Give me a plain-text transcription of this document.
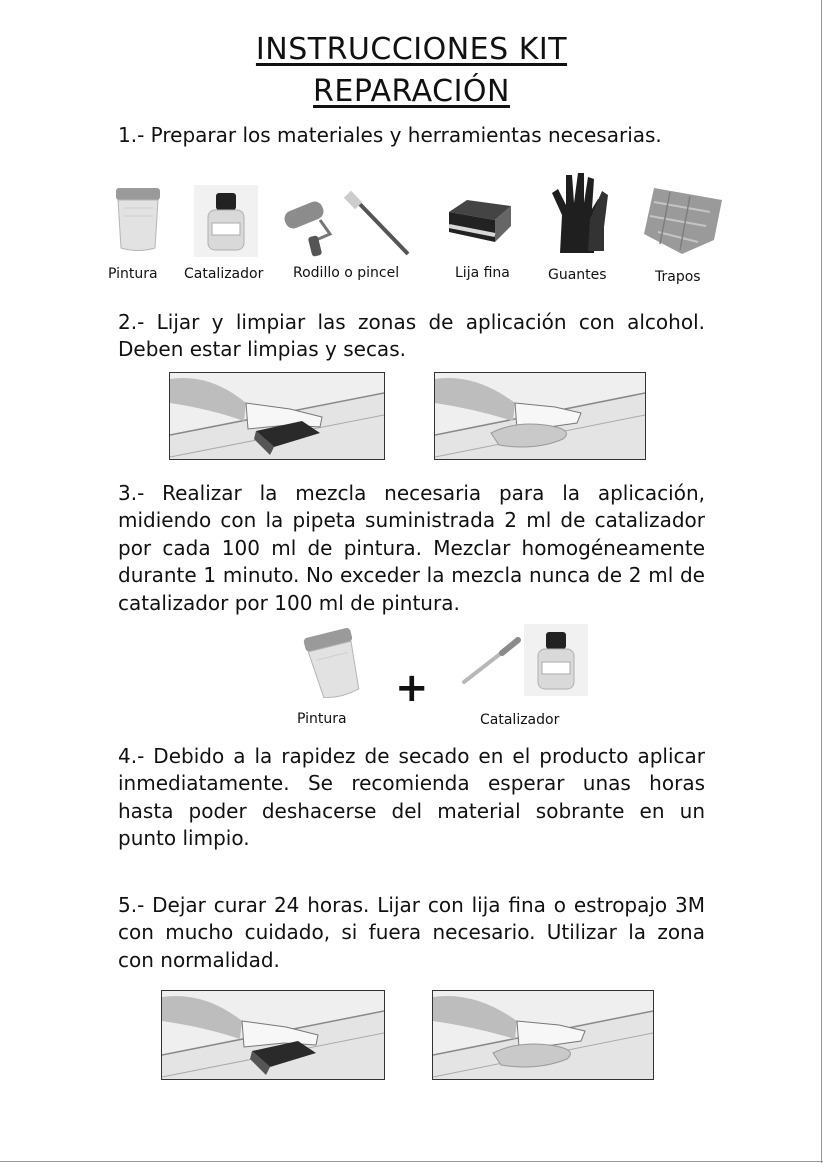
INSTRUCCIONES KIT
REPARACIÓN

1.- Preparar los materiales y herramientas necesarias.

Pintura Catalizador Rodillo o pincel	Lija fina	Guantes	Trapos

2.- Lijar y limpiar las zonas de aplicación con alcohol. Deben estar limpias y secas.

3.- Realizar la mezcla necesaria para la aplicación, midiendo con la pipeta suministrada 2 ml de catalizador por cada 100 ml de pintura. Mezclar homogéneamente durante 1 minuto. No exceder la mezcla nunca de 2 ml de catalizador por 100 ml de pintura.

+
Pintura	Catalizador

4.- Debido a la rapidez de secado en el producto aplicar inmediatamente. Se recomienda esperar unas horas hasta poder deshacerse del material sobrante en un punto limpio.

5.- Dejar curar 24 horas. Lijar con lija fina o estropajo 3M con mucho cuidado, si fuera necesario. Utilizar la zona con normalidad.
